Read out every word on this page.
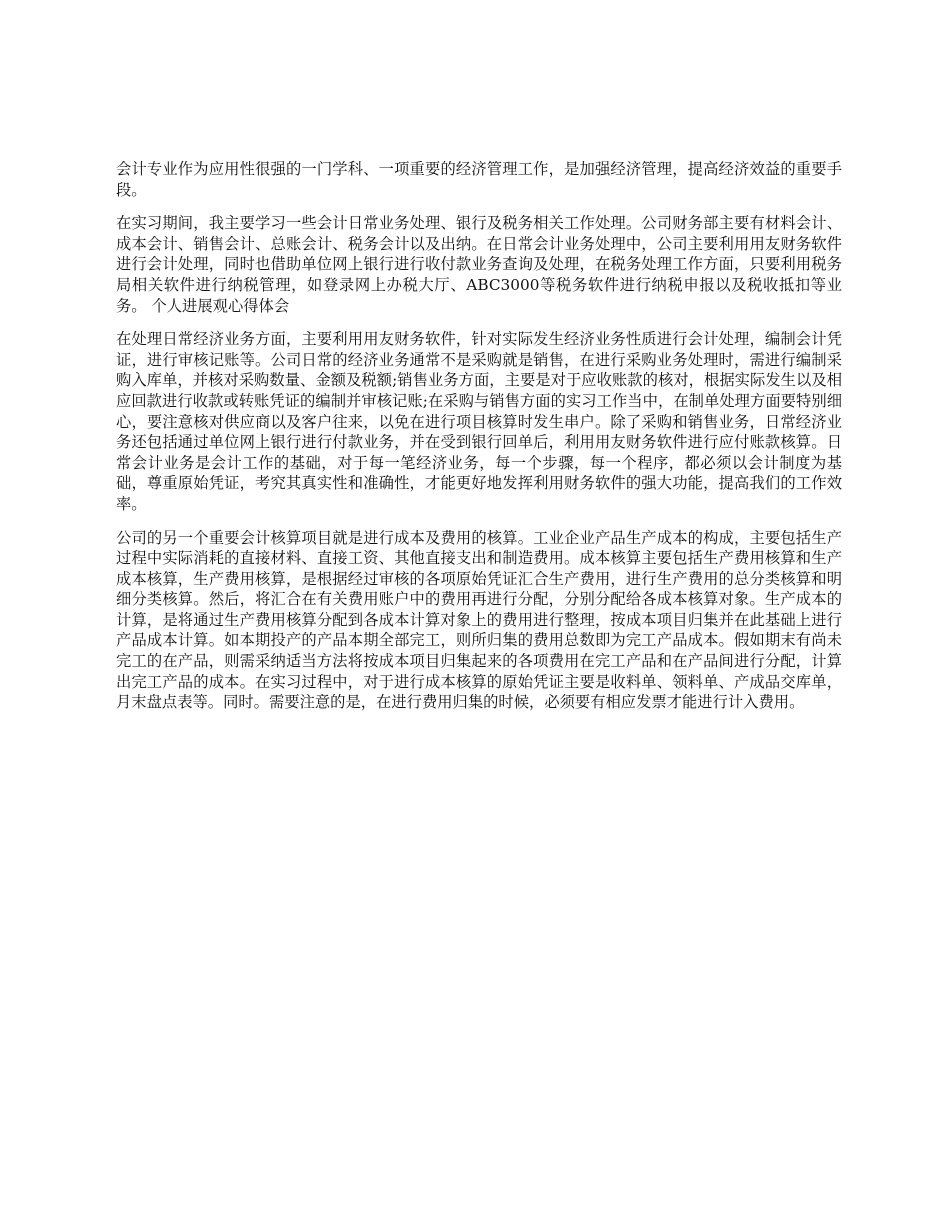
会计专业作为应用性很强的一门学科、一项重要的经济管理工作，是加强经济管理，提高经济效益的重要手段。

在实习期间，我主要学习一些会计日常业务处理、银行及税务相关工作处理。公司财务部主要有材料会计、成本会计、销售会计、总账会计、税务会计以及出纳。在日常会计业务处理中，公司主要利用用友财务软件进行会计处理，同时也借助单位网上银行进行收付款业务查询及处理，在税务处理工作方面，只要利用税务局相关软件进行纳税管理，如登录网上办税大厅、ABC3000等税务软件进行纳税申报以及税收抵扣等业务。 个人进展观心得体会

在处理日常经济业务方面，主要利用用友财务软件，针对实际发生经济业务性质进行会计处理，编制会计凭证，进行审核记账等。公司日常的经济业务通常不是采购就是销售，在进行采购业务处理时，需进行编制采购入库单，并核对采购数量、金额及税额;销售业务方面，主要是对于应收账款的核对，根据实际发生以及相应回款进行收款或转账凭证的编制并审核记账;在采购与销售方面的实习工作当中，在制单处理方面要特别细心，要注意核对供应商以及客户往来，以免在进行项目核算时发生串户。除了采购和销售业务，日常经济业务还包括通过单位网上银行进行付款业务，并在受到银行回单后，利用用友财务软件进行应付账款核算。日常会计业务是会计工作的基础，对于每一笔经济业务，每一个步骤，每一个程序，都必须以会计制度为基础，尊重原始凭证，考究其真实性和准确性，才能更好地发挥利用财务软件的强大功能，提高我们的工作效率。

公司的另一个重要会计核算项目就是进行成本及费用的核算。工业企业产品生产成本的构成，主要包括生产过程中实际消耗的直接材料、直接工资、其他直接支出和制造费用。成本核算主要包括生产费用核算和生产成本核算，生产费用核算，是根据经过审核的各项原始凭证汇合生产费用，进行生产费用的总分类核算和明细分类核算。然后，将汇合在有关费用账户中的费用再进行分配，分别分配给各成本核算对象。生产成本的计算，是将通过生产费用核算分配到各成本计算对象上的费用进行整理，按成本项目归集并在此基础上进行产品成本计算。如本期投产的产品本期全部完工，则所归集的费用总数即为完工产品成本。假如期末有尚未完工的在产品，则需采纳适当方法将按成本项目归集起来的各项费用在完工产品和在产品间进行分配，计算出完工产品的成本。在实习过程中，对于进行成本核算的原始凭证主要是收料单、领料单、产成品交库单，月末盘点表等。同时。需要注意的是，在进行费用归集的时候，必须要有相应发票才能进行计入费用。
